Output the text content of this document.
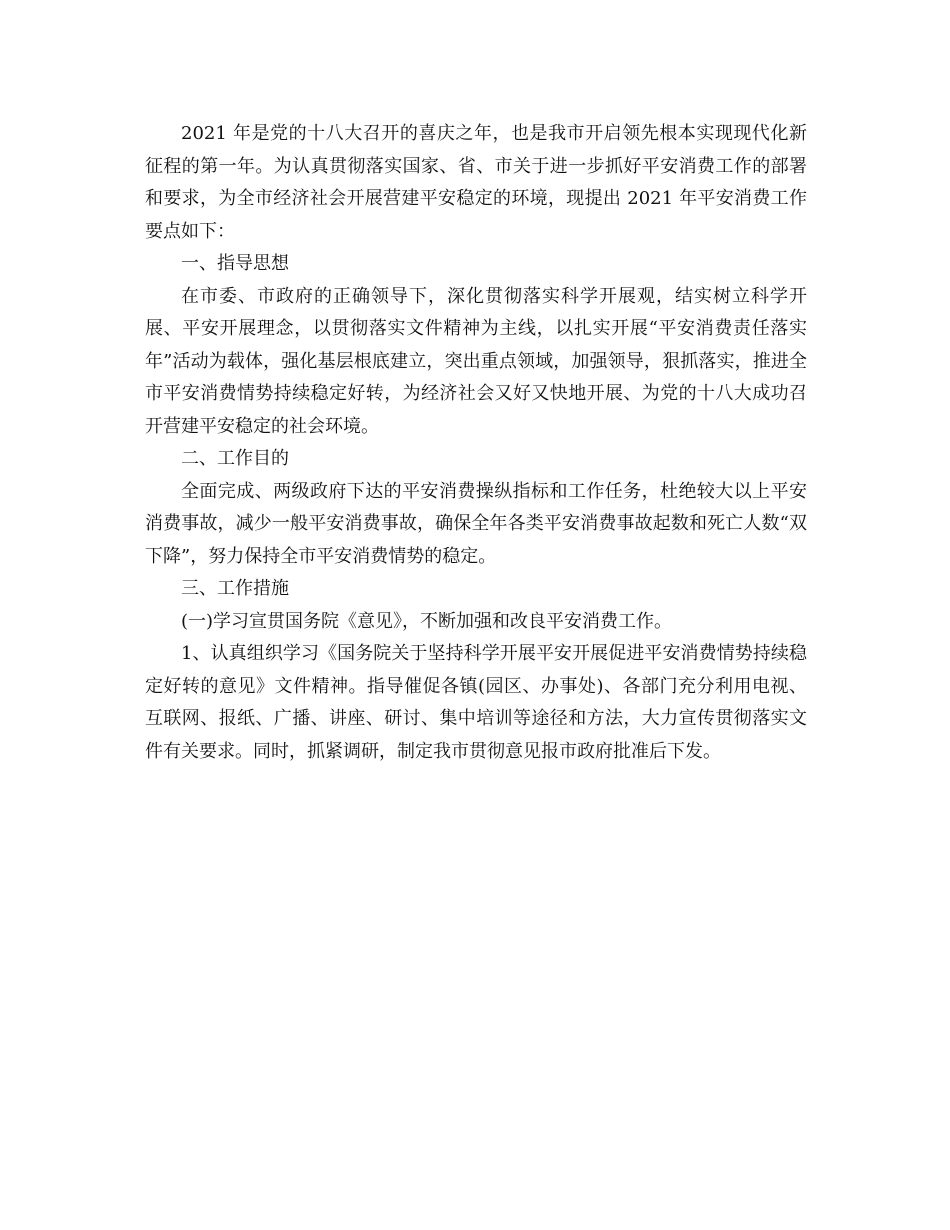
2021 年是党的十八大召开的喜庆之年，也是我市开启领先根本实现现代化新征程的第一年。为认真贯彻落实国家、省、市关于进一步抓好平安消费工作的部署和要求，为全市经济社会开展营建平安稳定的环境，现提出 2021 年平安消费工作要点如下：

一、指导思想

在市委、市政府的正确领导下，深化贯彻落实科学开展观，结实树立科学开展、平安开展理念，以贯彻落实文件精神为主线，以扎实开展“平安消费责任落实年”活动为载体，强化基层根底建立，突出重点领域，加强领导，狠抓落实，推进全市平安消费情势持续稳定好转，为经济社会又好又快地开展、为党的十八大成功召开营建平安稳定的社会环境。

二、工作目的

全面完成、两级政府下达的平安消费操纵指标和工作任务，杜绝较大以上平安消费事故，减少一般平安消费事故，确保全年各类平安消费事故起数和死亡人数“双下降”，努力保持全市平安消费情势的稳定。

三、工作措施

(一)学习宣贯国务院《意见》，不断加强和改良平安消费工作。

1、认真组织学习《国务院关于坚持科学开展平安开展促进平安消费情势持续稳定好转的意见》文件精神。指导催促各镇(园区、办事处)、各部门充分利用电视、互联网、报纸、广播、讲座、研讨、集中培训等途径和方法，大力宣传贯彻落实文件有关要求。同时，抓紧调研，制定我市贯彻意见报市政府批准后下发。
